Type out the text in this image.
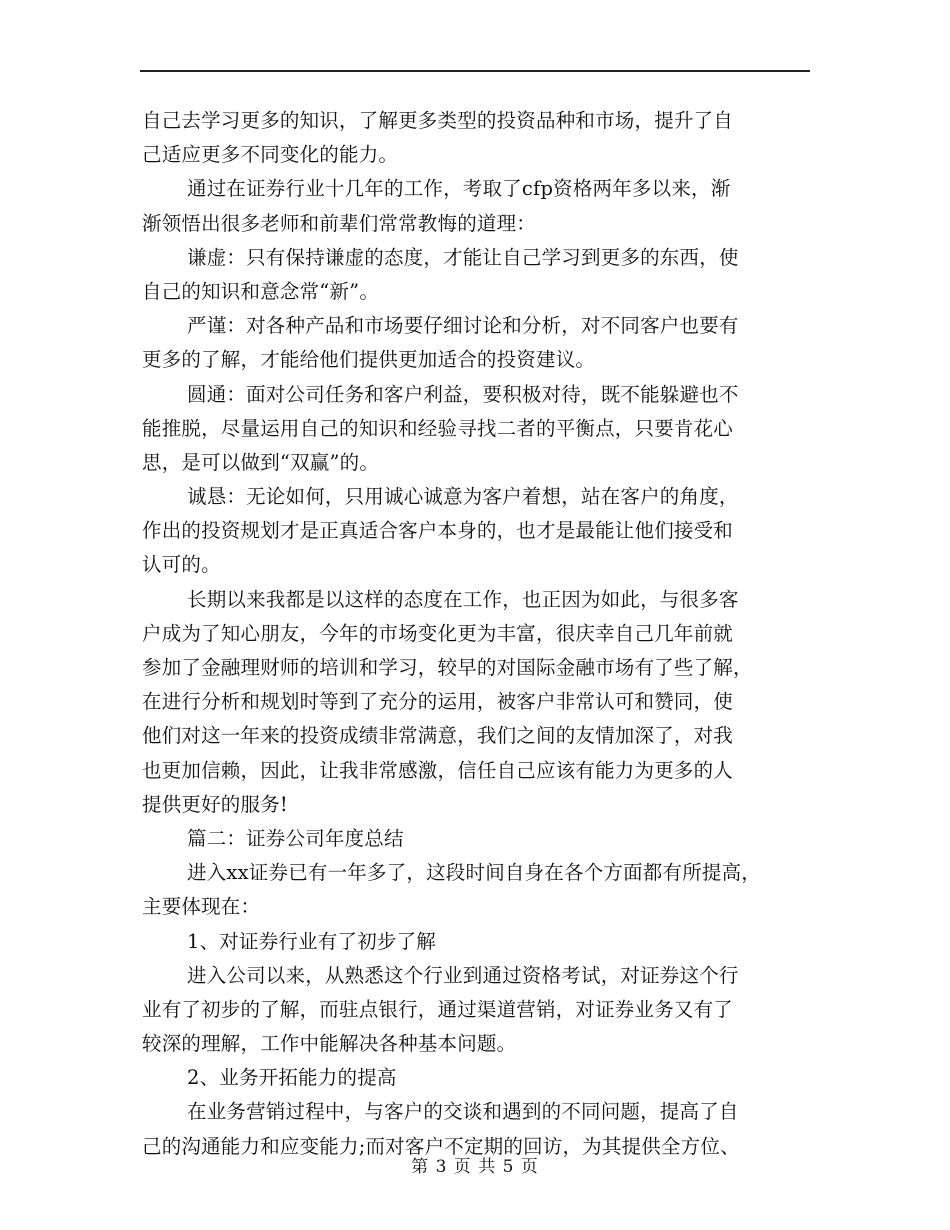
自己去学习更多的知识，了解更多类型的投资品种和市场，提升了自
己适应更多不同变化的能力。
通过在证券行业十几年的工作，考取了cfp资格两年多以来，渐
渐领悟出很多老师和前辈们常常教悔的道理：
谦虚：只有保持谦虚的态度，才能让自己学习到更多的东西，使
自己的知识和意念常“新”。
严谨：对各种产品和市场要仔细讨论和分析，对不同客户也要有
更多的了解，才能给他们提供更加适合的投资建议。
圆通：面对公司任务和客户利益，要积极对待，既不能躲避也不
能推脱，尽量运用自己的知识和经验寻找二者的平衡点，只要肯花心
思，是可以做到“双赢”的。
诚恳：无论如何，只用诚心诚意为客户着想，站在客户的角度，
作出的投资规划才是正真适合客户本身的，也才是最能让他们接受和
认可的。
长期以来我都是以这样的态度在工作，也正因为如此，与很多客
户成为了知心朋友，今年的市场变化更为丰富，很庆幸自己几年前就
参加了金融理财师的培训和学习，较早的对国际金融市场有了些了解，
在进行分析和规划时等到了充分的运用，被客户非常认可和赞同，使
他们对这一年来的投资成绩非常满意，我们之间的友情加深了，对我
也更加信赖，因此，让我非常感激，信任自己应该有能力为更多的人
提供更好的服务!
篇二：证券公司年度总结
进入xx证券已有一年多了，这段时间自身在各个方面都有所提高，
主要体现在：
1、对证券行业有了初步了解
进入公司以来，从熟悉这个行业到通过资格考试，对证券这个行
业有了初步的了解，而驻点银行，通过渠道营销，对证券业务又有了
较深的理解，工作中能解决各种基本问题。
2、业务开拓能力的提高
在业务营销过程中，与客户的交谈和遇到的不同问题，提高了自
己的沟通能力和应变能力;而对客户不定期的回访，为其提供全方位、
第 3 页 共 5 页
